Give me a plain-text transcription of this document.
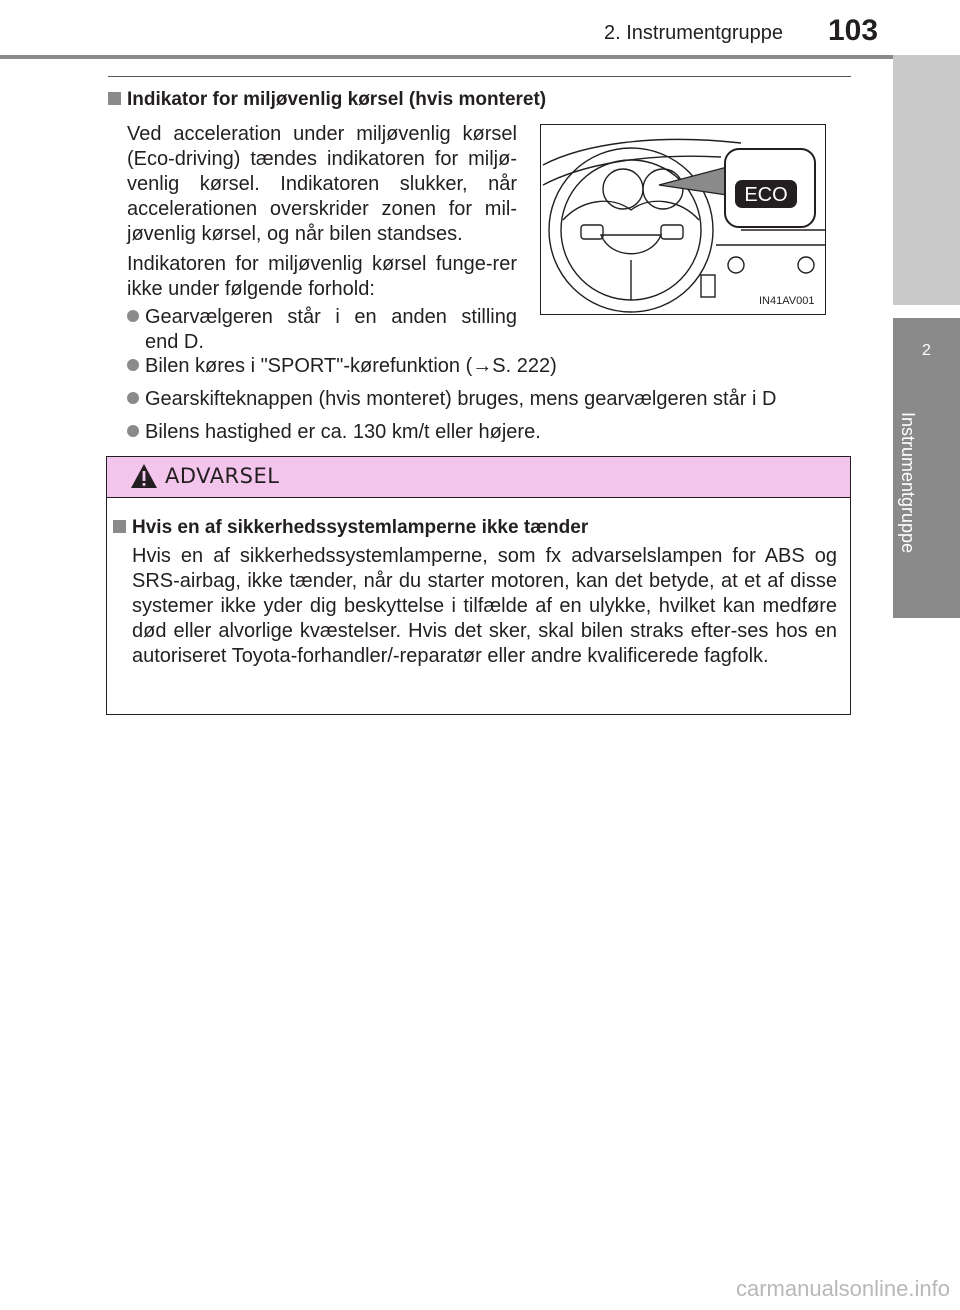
2. Instrumentgruppe 103
2
Instrumentgruppe
Indikator for miljøvenlig kørsel (hvis monteret)
Ved acceleration under miljøvenlig kørsel (Eco-driving) tændes indikatoren for miljø-venlig kørsel. Indikatoren slukker, når accelerationen overskrider zonen for mil-jøvenlig kørsel, og når bilen standses.
Indikatoren for miljøvenlig kørsel funge-rer ikke under følgende forhold:
Gearvælgeren står i en anden stilling
end D.
Bilen køres i "SPORT"-kørefunktion (→S. 222)
Gearskifteknappen (hvis monteret) bruges, mens gearvælgeren står i D
Bilens hastighed er ca. 130 km/t eller højere.
ECO
IN41AV001
ADVARSEL
Hvis en af sikkerhedssystemlamperne ikke tænder
Hvis en af sikkerhedssystemlamperne, som fx advarselslampen for ABS og SRS-airbag, ikke tænder, når du starter motoren, kan det betyde, at et af disse systemer ikke yder dig beskyttelse i tilfælde af en ulykke, hvilket kan medføre død eller alvorlige kvæstelser. Hvis det sker, skal bilen straks efter-ses hos en autoriseret Toyota-forhandler/-reparatør eller andre kvalificerede fagfolk.
carmanualsonline.info
